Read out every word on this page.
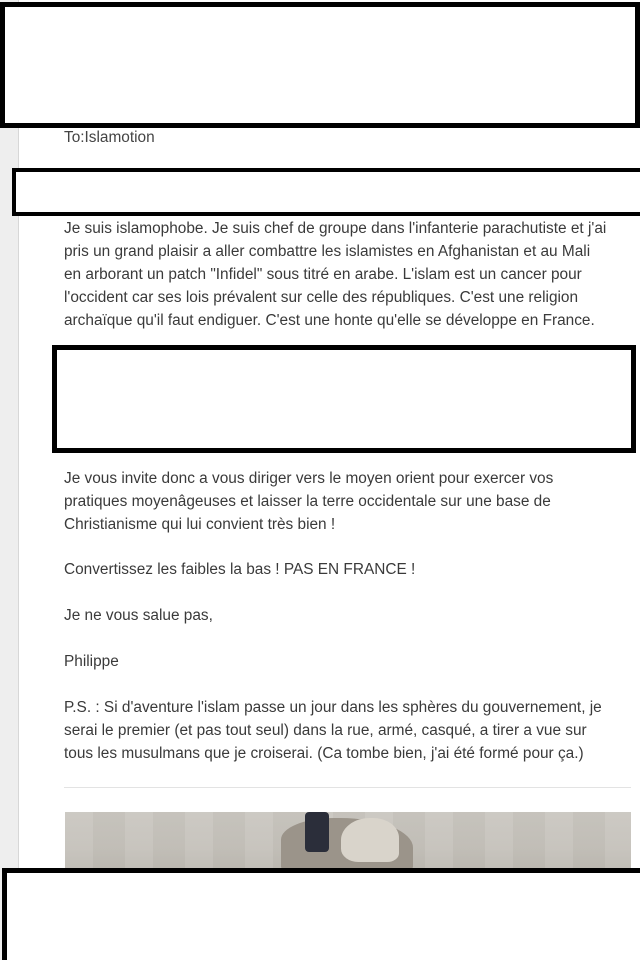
To:Islamotion
Je suis islamophobe. Je suis chef de groupe dans l'infanterie parachutiste et j'ai
pris un grand plaisir a aller combattre les islamistes en Afghanistan et au Mali
en arborant un patch "Infidel" sous titré en arabe. L'islam est un cancer pour
l'occident car ses lois prévalent sur celle des républiques. C'est une religion
archaïque qu'il faut endiguer. C'est une honte qu'elle se développe en France.
Je vous invite donc a vous diriger vers le moyen orient pour exercer vos
pratiques moyenâgeuses et laisser la terre occidentale sur une base de
Christianisme qui lui convient très bien !
Convertissez les faibles la bas ! PAS EN FRANCE !
Je ne vous salue pas,
Philippe
P.S. : Si d'aventure l'islam passe un jour dans les sphères du gouvernement, je
serai le premier (et pas tout seul) dans la rue, armé, casqué, a tirer a vue sur
tous les musulmans que je croiserai. (Ca tombe bien, j'ai été formé pour ça.)
